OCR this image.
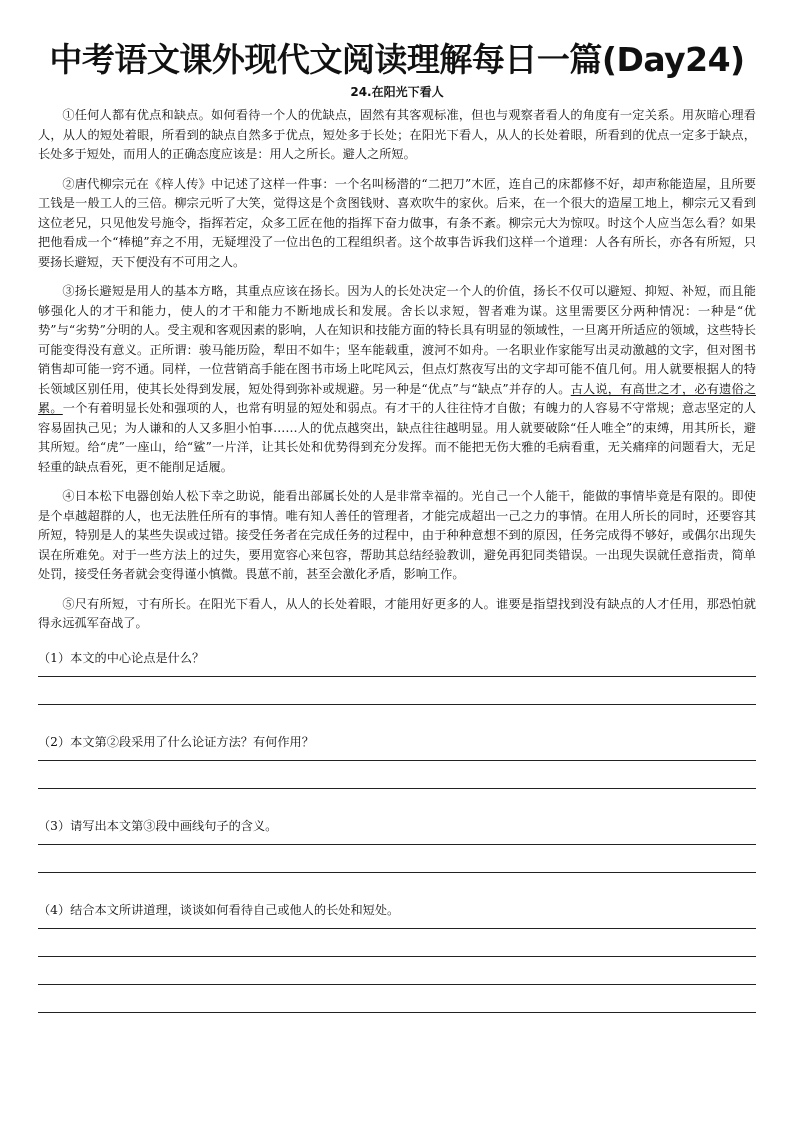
中考语文课外现代文阅读理解每日一篇(Day24)
24.在阳光下看人

①任何人都有优点和缺点。如何看待一个人的优缺点，固然有其客观标准，但也与观察者看人的角度有一定关系。用灰暗心理看人，从人的短处着眼，所看到的缺点自然多于优点，短处多于长处；在阳光下看人，从人的长处着眼，所看到的优点一定多于缺点，长处多于短处，而用人的正确态度应该是：用人之所长。避人之所短。

②唐代柳宗元在《梓人传》中记述了这样一件事：一个名叫杨潜的“二把刀”木匠，连自己的床都修不好，却声称能造屋，且所要工钱是一般工人的三倍。柳宗元听了大笑，觉得这是个贪图钱财、喜欢吹牛的家伙。后来，在一个很大的造屋工地上，柳宗元又看到这位老兄，只见他发号施令，指挥若定，众多工匠在他的指挥下奋力做事，有条不紊。柳宗元大为惊叹。时这个人应当怎么看？如果把他看成一个“棒槌”弃之不用，无疑埋没了一位出色的工程组织者。这个故事告诉我们这样一个道理：人各有所长，亦各有所短，只要扬长避短，天下便没有不可用之人。

③扬长避短是用人的基本方略，其重点应该在扬长。因为人的长处决定一个人的价值，扬长不仅可以避短、抑短、补短，而且能够强化人的才干和能力，使人的才干和能力不断地成长和发展。舍长以求短，智者难为谋。这里需要区分两种情况：一种是“优势”与“劣势”分明的人。受主观和客观因素的影响，人在知识和技能方面的特长具有明显的领域性，一旦离开所适应的领域，这些特长可能变得没有意义。正所谓：骏马能历险，犁田不如牛；坚车能载重，渡河不如舟。一名职业作家能写出灵动激越的文字，但对图书销售却可能一窍不通。同样，一位营销高手能在图书市场上叱咤风云，但点灯熬夜写出的文字却可能不值几何。用人就要根据人的特长领域区别任用，使其长处得到发展，短处得到弥补或规避。另一种是“优点”与“缺点”并存的人。古人说，有高世之才，必有遗俗之累。一个有着明显长处和强项的人，也常有明显的短处和弱点。有才干的人往往恃才自傲；有魄力的人容易不守常规；意志坚定的人容易固执己见；为人谦和的人又多胆小怕事……人的优点越突出，缺点往往越明显。用人就要破除“任人唯全”的束缚，用其所长，避其所短。给“虎”一座山，给“鲨”一片洋，让其长处和优势得到充分发挥。而不能把无伤大雅的毛病看重，无关痛痒的问题看大，无足轻重的缺点看死，更不能削足适履。

④日本松下电器创始人松下幸之助说，能看出部属长处的人是非常幸福的。光自己一个人能干，能做的事情毕竟是有限的。即使是个卓越超群的人，也无法胜任所有的事情。唯有知人善任的管理者，才能完成超出一己之力的事情。在用人所长的同时，还要容其所短，特别是人的某些失误或过错。接受任务者在完成任务的过程中，由于种种意想不到的原因，任务完成得不够好，或偶尔出现失误在所难免。对于一些方法上的过失，要用宽容心来包容，帮助其总结经验教训，避免再犯同类错误。一出现失误就任意指责，简单处罚，接受任务者就会变得谨小慎微。畏葸不前，甚至会激化矛盾，影响工作。

⑤尺有所短，寸有所长。在阳光下看人，从人的长处着眼，才能用好更多的人。谁要是指望找到没有缺点的人才任用，那恐怕就得永远孤军奋战了。

（1）本文的中心论点是什么？

（2）本文第②段采用了什么论证方法？有何作用？

（3）请写出本文第③段中画线句子的含义。

（4）结合本文所讲道理，谈谈如何看待自己或他人的长处和短处。
